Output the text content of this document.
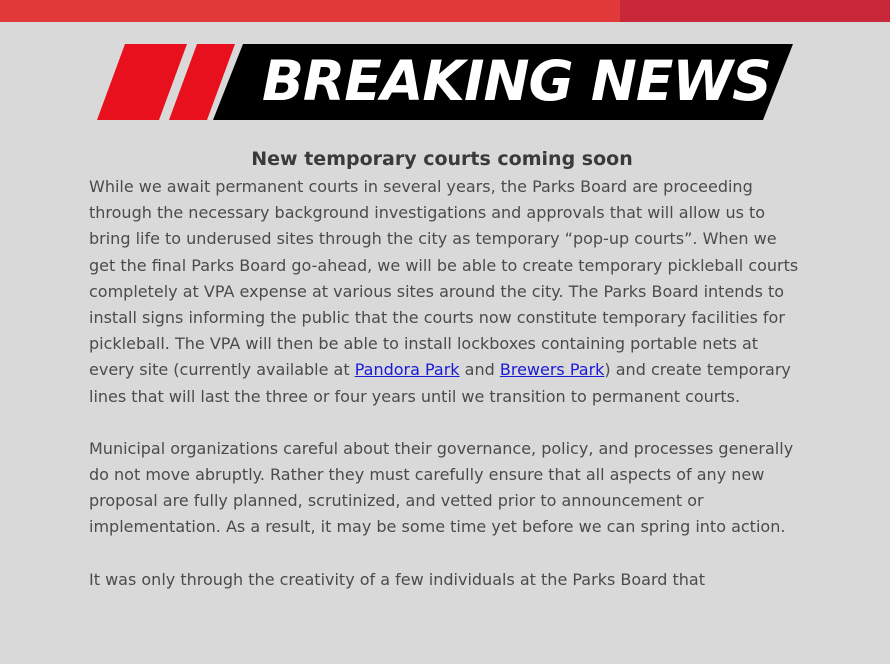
BREAKING NEWS
New temporary courts coming soon

While we await permanent courts in several years, the Parks Board are proceeding through the necessary background investigations and approvals that will allow us to bring life to underused sites through the city as temporary “pop-up courts”. When we get the final Parks Board go-ahead, we will be able to create temporary pickleball courts completely at VPA expense at various sites around the city. The Parks Board intends to install signs informing the public that the courts now constitute temporary facilities for pickleball. The VPA will then be able to install lockboxes containing portable nets at every site (currently available at Pandora Park and Brewers Park) and create temporary lines that will last the three or four years until we transition to permanent courts.

Municipal organizations careful about their governance, policy, and processes generally do not move abruptly. Rather they must carefully ensure that all aspects of any new proposal are fully planned, scrutinized, and vetted prior to announcement or implementation. As a result, it may be some time yet before we can spring into action.

It was only through the creativity of a few individuals at the Parks Board that
